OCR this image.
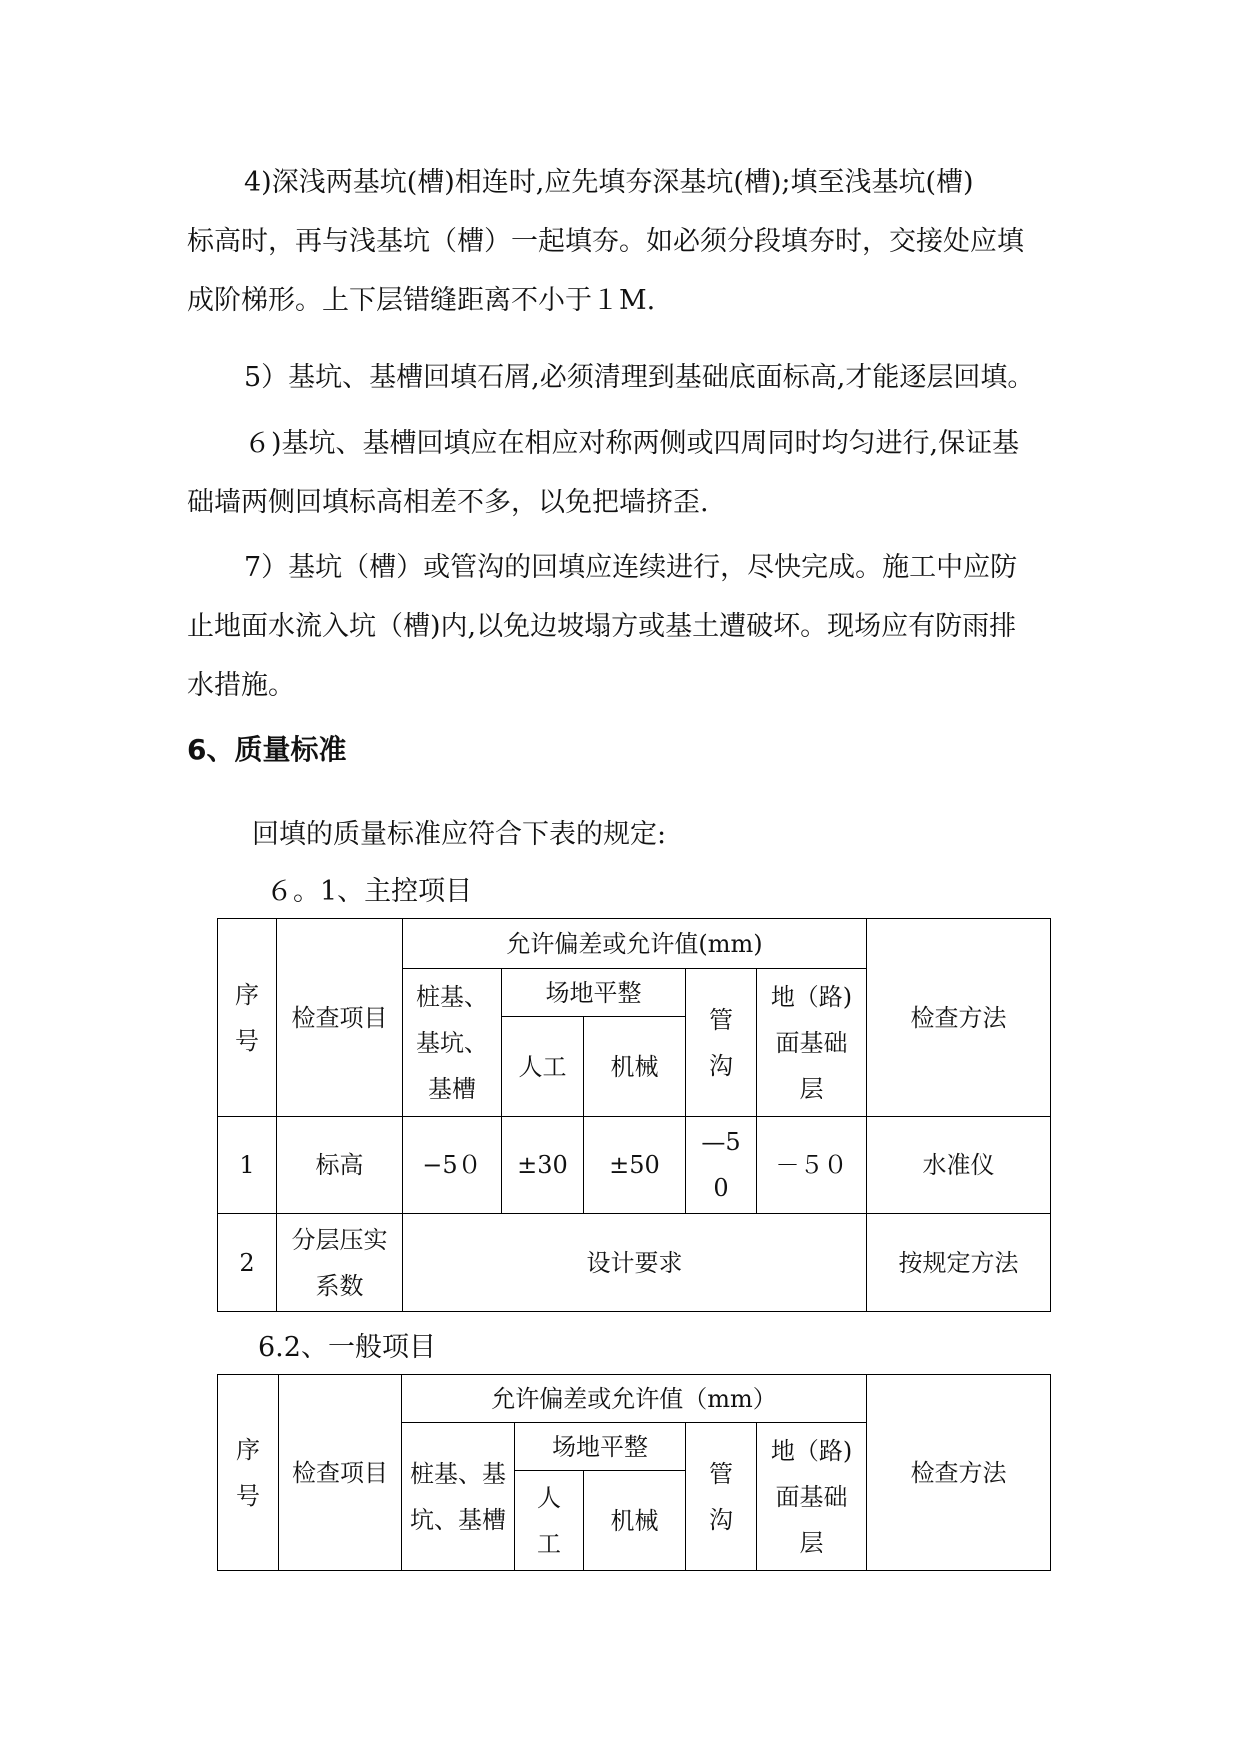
4)深浅两基坑(槽)相连时,应先填夯深基坑(槽);填至浅基坑(槽)

标高时，再与浅基坑（槽）一起填夯。如必须分段填夯时，交接处应填

成阶梯形。上下层错缝距离不小于１M.

5）基坑、基槽回填石屑,必须清理到基础底面标高,才能逐层回填。

６)基坑、基槽回填应在相应对称两侧或四周同时均匀进行,保证基

础墙两侧回填标高相差不多，以免把墙挤歪.

7）基坑（槽）或管沟的回填应连续进行，尽快完成。施工中应防

止地面水流入坑（槽)内,以免边坡塌方或基土遭破坏。现场应有防雨排

水措施。

6、质量标准

回填的质量标准应符合下表的规定:

６。1、主控项目

序号	检查项目	允许偏差或允许值(mm)					检查方法
		桩基、基坑、基槽	场地平整		管沟	地（路)面基础层	
			人工	机械			
1	标高	−5０	±30	±50	—50	－５０	水准仪
2	分层压实系数	设计要求					按规定方法

6.2、一般项目

序号	检查项目	允许偏差或允许值（mm）					检查方法
		桩基、基坑、基槽	场地平整		管沟	地（路)面基础层	
			人工	机械			
